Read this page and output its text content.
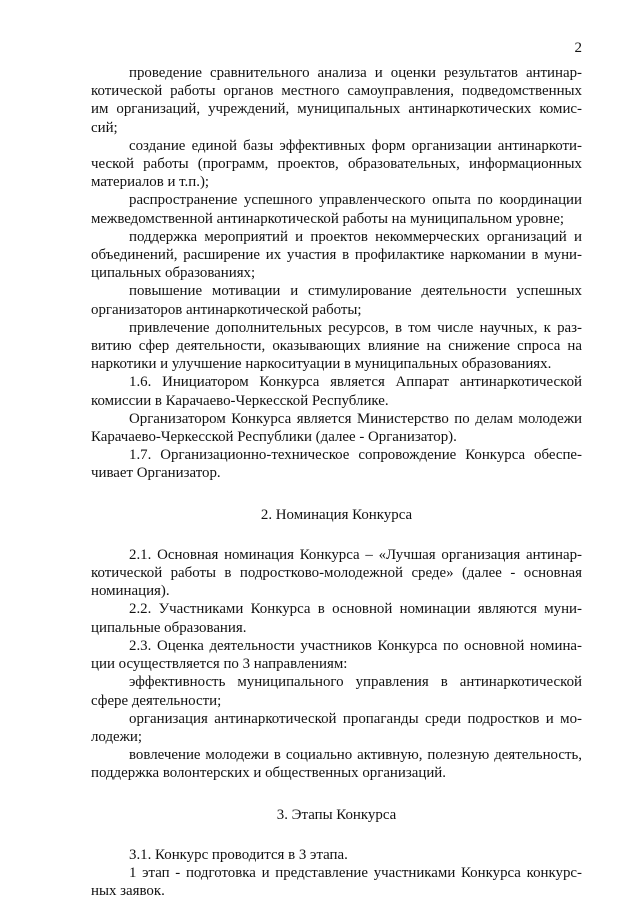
2

проведение сравнительного анализа и оценки результатов антинаркотической работы органов местного самоуправления, подведомственных им организаций, учреждений, муниципальных антинаркотических комиссий;

создание единой базы эффективных форм организации антинаркотической работы (программ, проектов, образовательных, информационных материалов и т.п.);

распространение успешного управленческого опыта по координации межведомственной антинаркотической работы на муниципальном уровне;

поддержка мероприятий и проектов некоммерческих организаций и объединений, расширение их участия в профилактике наркомании в муниципальных образованиях;

повышение мотивации и стимулирование деятельности успешных организаторов антинаркотической работы;

привлечение дополнительных ресурсов, в том числе научных, к развитию сфер деятельности, оказывающих влияние на снижение спроса на наркотики и улучшение наркоситуации в муниципальных образованиях.

1.6. Инициатором Конкурса является Аппарат антинаркотической комиссии в Карачаево-Черкесской Республике.

Организатором Конкурса является Министерство по делам молодежи Карачаево-Черкесской Республики (далее - Организатор).

1.7. Организационно-техническое сопровождение Конкурса обеспечивает Организатор.

2. Номинация Конкурса

2.1. Основная номинация Конкурса – «Лучшая организация антинаркотической работы в подростково-молодежной среде» (далее - основная номинация).

2.2. Участниками Конкурса в основной номинации являются муниципальные образования.

2.3. Оценка деятельности участников Конкурса по основной номинации осуществляется по 3 направлениям:

эффективность муниципального управления в антинаркотической сфере деятельности;

организация антинаркотической пропаганды среди подростков и молодежи;

вовлечение молодежи в социально активную, полезную деятельность, поддержка волонтерских и общественных организаций.

3. Этапы Конкурса

3.1. Конкурс проводится в 3 этапа.

1 этап - подготовка и представление участниками Конкурса конкурсных заявок.
